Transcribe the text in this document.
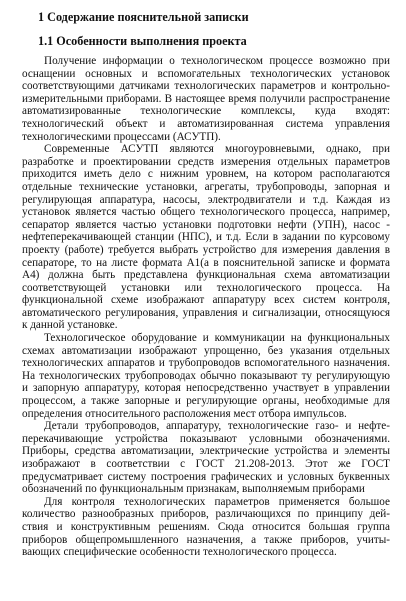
1 Содержание пояснительной записки
1.1 Особенности выполнения проекта

Получение информации о технологическом процессе возможно при оснащении основных и вспомогательных технологических установок соответствующими датчиками технологических параметров и контрольно-измерительными приборами. В настоящее время получили распространение автоматизированные технологические комплексы, куда входят: технологический объект и автоматизированная система управления технологическими процессами (АСУТП).

Современные АСУТП являются многоуровневыми, однако, при разработке и проектировании средств измерения отдельных параметров приходится иметь дело с нижним уровнем, на котором располагаются отдельные технические установки, агрегаты, трубопроводы, запорная и регулирующая аппаратура, насосы, электродвигатели и т.д. Каждая из установок является частью общего технологического процесса, например, сепаратор является частью установки подготовки нефти (УПН), насос - нефтеперекачивающей станции (НПС), и т.д. Если в задании по курсовому проекту (работе) требуется выбрать устройство для измерения давления в сепараторе, то на листе формата А1(а в пояснительной записке и формата А4) должна быть представлена функциональная схема автоматизации соответствующей установки или технологического процесса. На функциональной схеме изображают аппаратуру всех систем контроля, автоматического регулирования, управления и сигнализации, относящуюся к данной установке.

Технологическое оборудование и коммуникации на функциональных схемах автоматизации изображают упрощенно, без указания отдельных технологических аппаратов и трубопроводов вспомогательного назначения. На технологических трубопроводах обычно показывают ту регулирующую и запорную аппаратуру, которая непосредственно участвует в управлении процессом, а также запорные и регулирующие органы, необходимые для определения относительного расположения мест отбора импульсов.

Детали трубопроводов, аппаратуру, технологические газо- и нефте-перекачивающие устройства показывают условными обозначениями. Приборы, средства автоматизации, электрические устройства и элементы изображают в соответствии с ГОСТ 21.208-2013. Этот же ГОСТ предусматривает систему построения графических и условных буквенных обозначений по функциональным признакам, выполняемым приборами

Для контроля технологических параметров применяется большое количество разнообразных приборов, различающихся по принципу дей-ствия и конструктивным решениям. Сюда относится большая группа приборов общепромышленного назначения, а также приборов, учиты-вающих специфические особенности технологического процесса.
